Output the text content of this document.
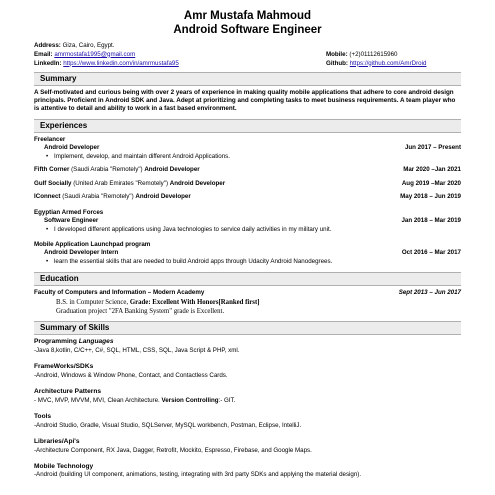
Amr Mustafa Mahmoud
Android Software Engineer
Address: Giza, Cairo, Egypt.
Email: amrmostafa1995@gmail.com	Mobile: (+2)01112615960
LinkedIn: https://www.linkedin.com/in/amrmustafa95	Github: https://github.com/AmrDroid
Summary
A Self-motivated and curious being with over 2 years of experience in making quality mobile applications that adhere to core android design principals. Proficient in Android SDK and Java. Adept at prioritizing and completing tasks to meet business requirements. A team player who is attentive to detail and ability to work in a fast based environment.
Experiences
Freelancer
Android Developer	Jun 2017 – Present
• Implement, develop, and maintain different Android Applications.
Fifth Corner (Saudi Arabia "Remotely") Android Developer	Mar 2020 –Jan 2021
Gulf Socially (United Arab Emirates "Remotely") Android Developer	Aug 2019 –Mar 2020
IConnect (Saudi Arabia "Remotely") Android Developer	May 2018 – Jun 2019
Egyptian Armed Forces
Software Engineer	Jan 2018 – Mar 2019
• I developed different applications using Java technologies to service daily activities in my military unit.
Mobile Application Launchpad program
Android Developer Intern	Oct 2016 – Mar 2017
• learn the essential skills that are needed to build Android apps through Udacity Android Nanodegrees.
Education
Faculty of Computers and Information – Modern Academy	Sept 2013 – Jun 2017
B.S. in Computer Science, Grade: Excellent With Honors[Ranked first]
Graduation project "2FA Banking System" grade is Excellent.
Summary of Skills
Programming Languages
-Java 8,kotlin, C/C++, C#, SQL, HTML, CSS, SQL, Java Script & PHP, xml.
FrameWorks/SDKs
-Android, Windows & Window Phone, Contact, and Contactless Cards.
Architecture Patterns
- MVC, MVP, MVVM, MVI, Clean Architecture. Version Controlling:- GIT.
Tools
-Android Studio, Gradle, Visual Studio, SQLServer, MySQL workbench, Postman, Eclipse, IntelliJ.
Libraries/Api's
-Architecture Component, RX Java, Dagger, Retrofit, Mockito, Espresso, Firebase, and Google Maps.
Mobile Technology
-Android (building UI component, animations, testing, integrating with 3rd party SDKs and applying the material design).
